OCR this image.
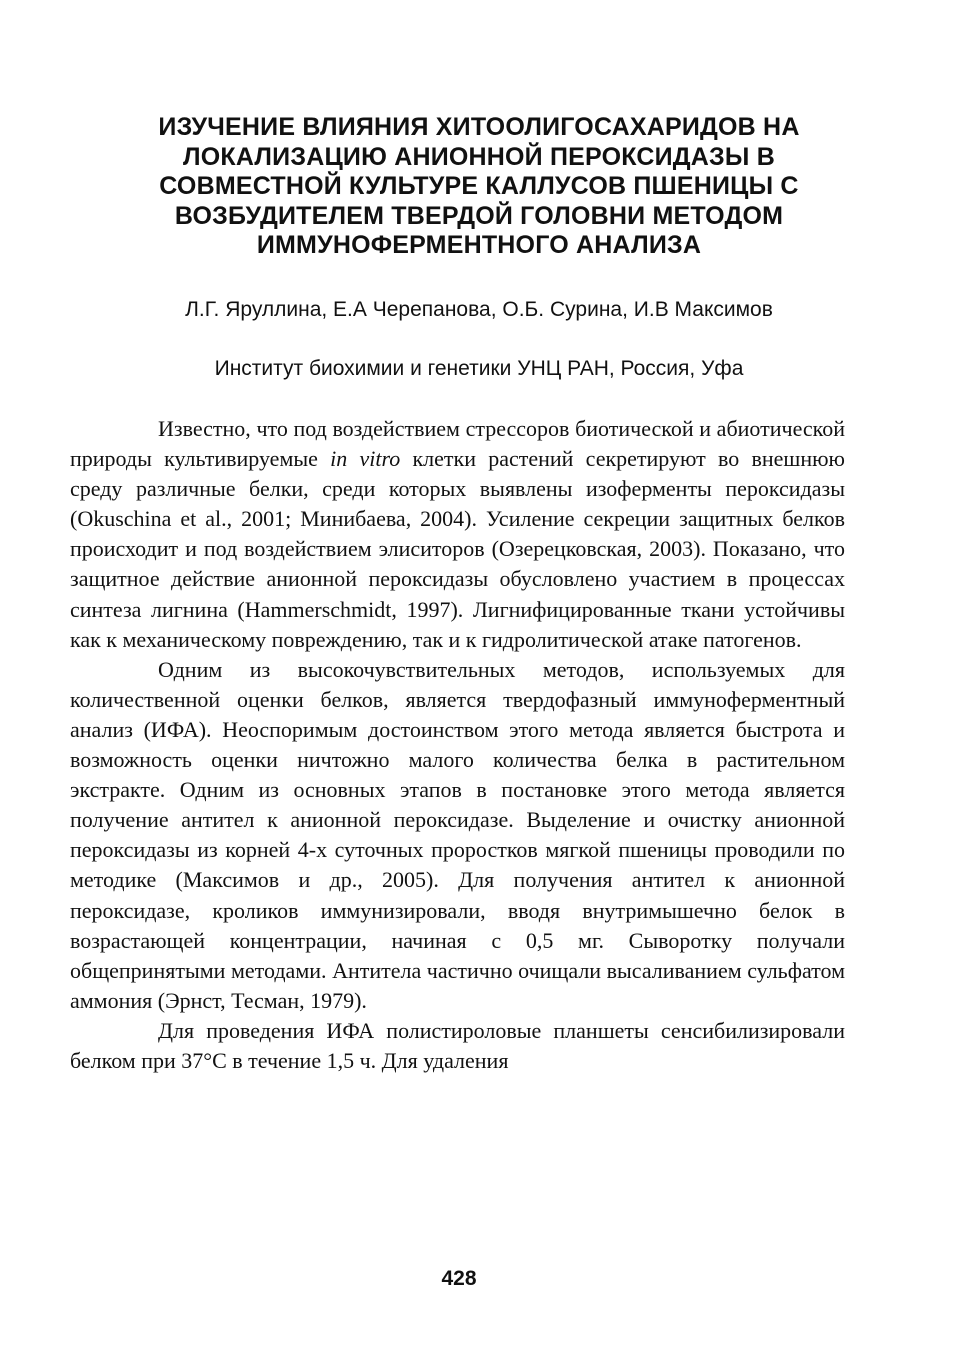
ИЗУЧЕНИЕ ВЛИЯНИЯ ХИТООЛИГОСАХАРИДОВ НА
ЛОКАЛИЗАЦИЮ АНИОННОЙ ПЕРОКСИДАЗЫ В
СОВМЕСТНОЙ КУЛЬТУРЕ КАЛЛУСОВ ПШЕНИЦЫ С
ВОЗБУДИТЕЛЕМ ТВЕРДОЙ ГОЛОВНИ МЕТОДОМ
ИММУНОФЕРМЕНТНОГО АНАЛИЗА
Л.Г. Яруллина, Е.А Черепанова, О.Б. Сурина, И.В Максимов
Институт биохимии и генетики УНЦ РАН, Россия, Уфа

Известно, что под воздействием стрессоров биотической и абиотической природы культивируемые in vitro клетки растений секретируют во внешнюю среду различные белки, среди которых выявлены изоферменты пероксидазы (Okuschina et al., 2001; Минибаева, 2004). Усиление секреции защитных белков происходит и под воздействием элиситоров (Озерецковская, 2003). Показано, что защитное действие анионной пероксидазы обусловлено участием в процессах синтеза лигнина (Hammerschmidt, 1997). Лигнифицированные ткани устойчивы как к механическому повреждению, так и к гидролитической атаке патогенов.

Одним из высокочувствительных методов, используемых для количественной оценки белков, является твердофазный иммуноферментный анализ (ИФА). Неоспоримым достоинством этого метода является быстрота и возможность оценки ничтожно малого количества белка в растительном экстракте. Одним из основных этапов в постановке этого метода является получение антител к анионной пероксидазе. Выделение и очистку анионной пероксидазы из корней 4-х суточных проростков мягкой пшеницы проводили по методике (Максимов и др., 2005). Для получения антител к анионной пероксидазе, кроликов иммунизировали, вводя внутримышечно белок в возрастающей концентрации, начиная с 0,5 мг. Сыворотку получали общепринятыми методами. Антитела частично очищали высаливанием сульфатом аммония (Эрнст, Тесман, 1979).

Для проведения ИФА полистироловые планшеты сенсибилизировали белком при 37°С в течение 1,5 ч. Для удаления

428
